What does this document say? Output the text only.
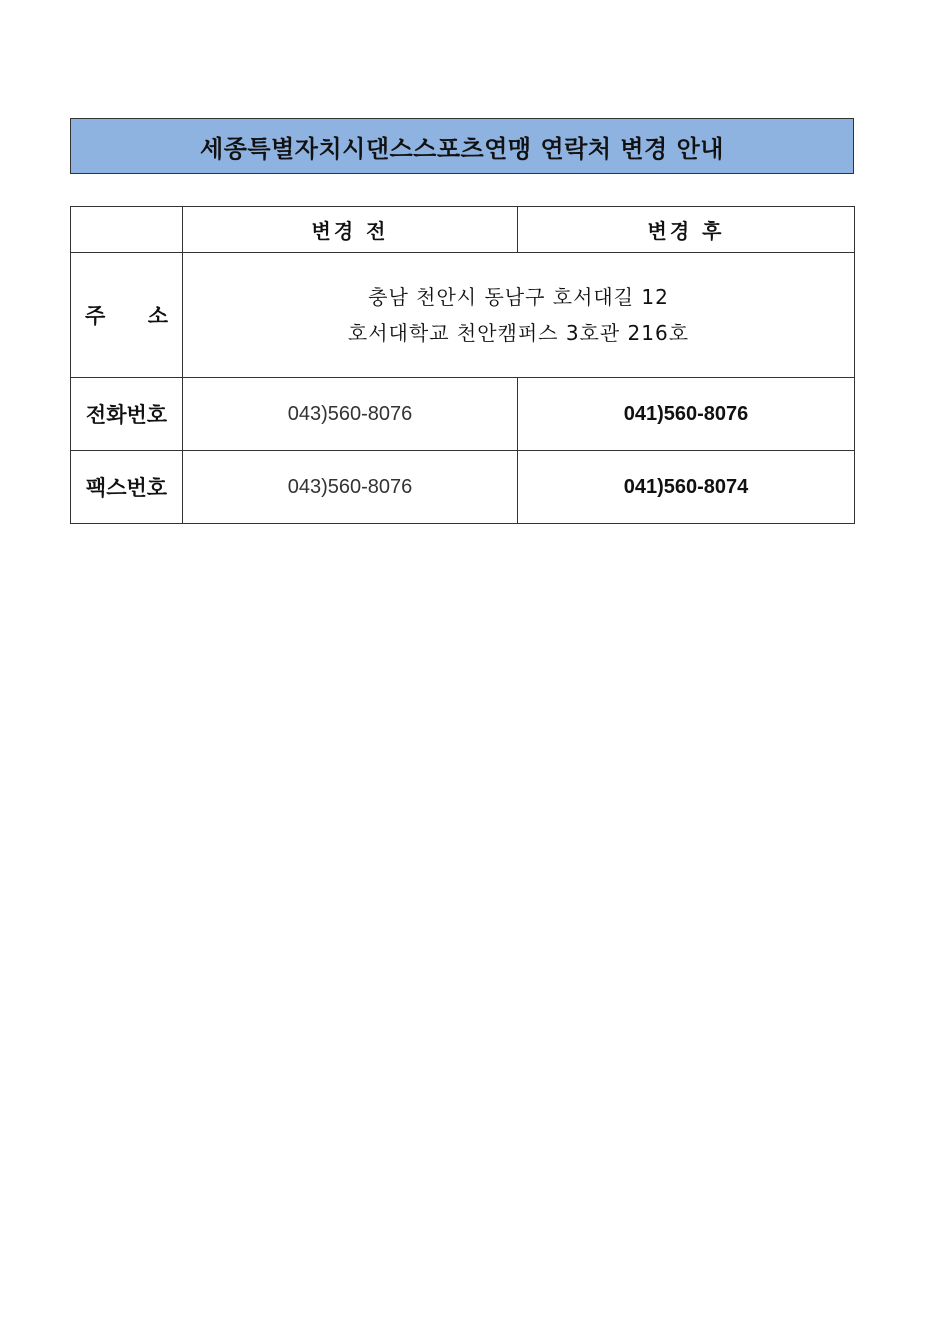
세종특별자치시댄스스포츠연맹 연락처 변경 안내
	변경 전	변경 후

주 소	충남 천안시 동남구 호서대길 12
호서대학교 천안캠퍼스 3호관 216호	

전화번호	043)560-8076	041)560-8076
팩스번호	043)560-8076	041)560-8074
